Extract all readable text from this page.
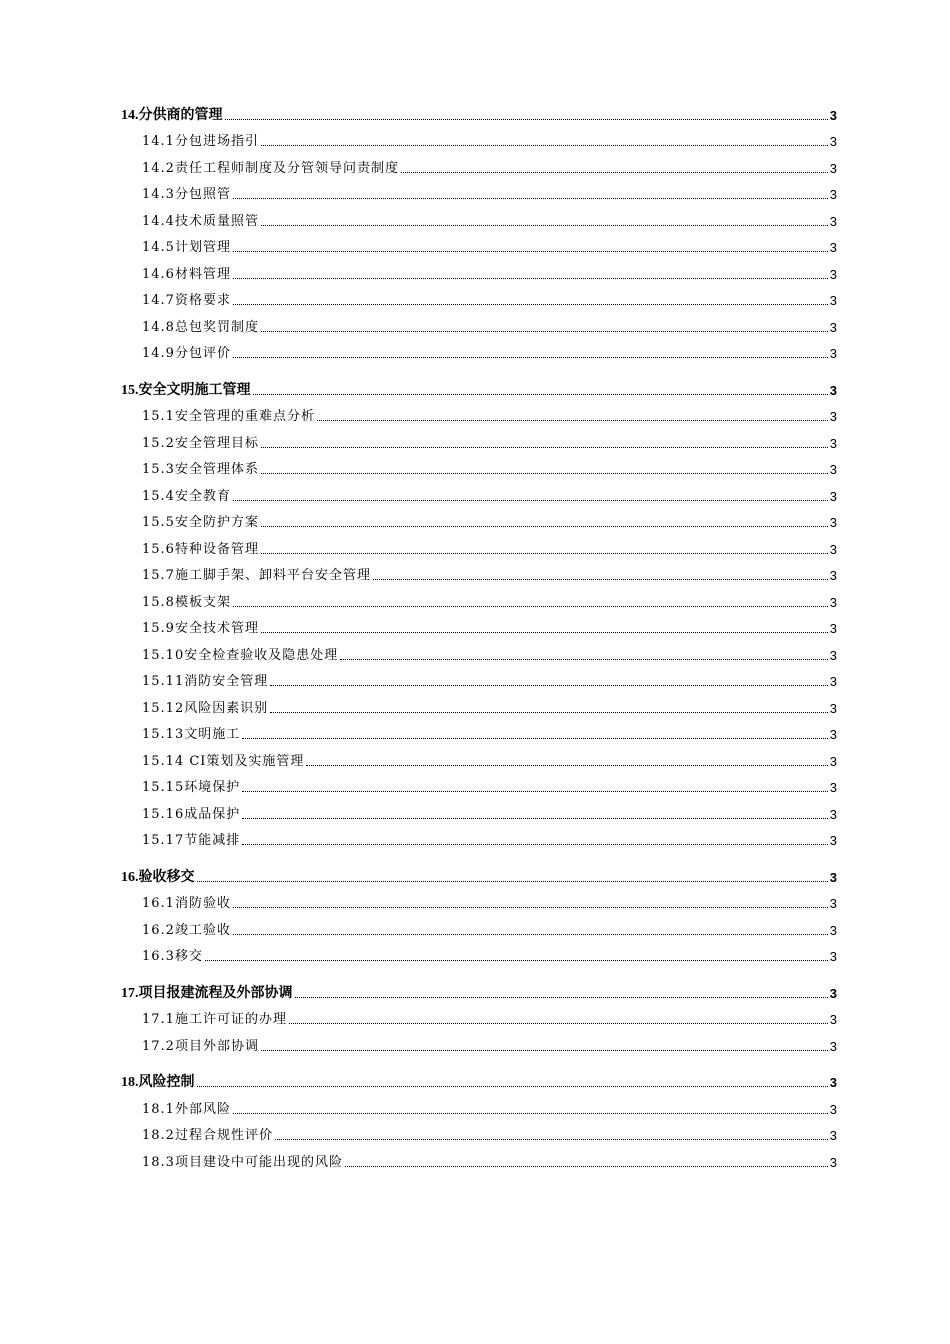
14.分供商的管理	3
14.1分包进场指引	3
14.2责任工程师制度及分管领导问责制度	3
14.3分包照管	3
14.4技术质量照管	3
14.5计划管理	3
14.6材料管理	3
14.7资格要求	3
14.8总包奖罚制度	3
14.9分包评价	3
15.安全文明施工管理	3
15.1安全管理的重难点分析	3
15.2安全管理目标	3
15.3安全管理体系	3
15.4安全教育	3
15.5安全防护方案	3
15.6特种设备管理	3
15.7施工脚手架、卸料平台安全管理	3
15.8模板支架	3
15.9安全技术管理	3
15.10安全检查验收及隐患处理	3
15.11消防安全管理	3
15.12风险因素识别	3
15.13文明施工	3
15.14 CI策划及实施管理	3
15.15环境保护	3
15.16成品保护	3
15.17节能减排	3
16.验收移交	3
16.1消防验收	3
16.2竣工验收	3
16.3移交	3
17.项目报建流程及外部协调	3
17.1施工许可证的办理	3
17.2项目外部协调	3
18.风险控制	3
18.1外部风险	3
18.2过程合规性评价	3
18.3项目建设中可能出现的风险	3
